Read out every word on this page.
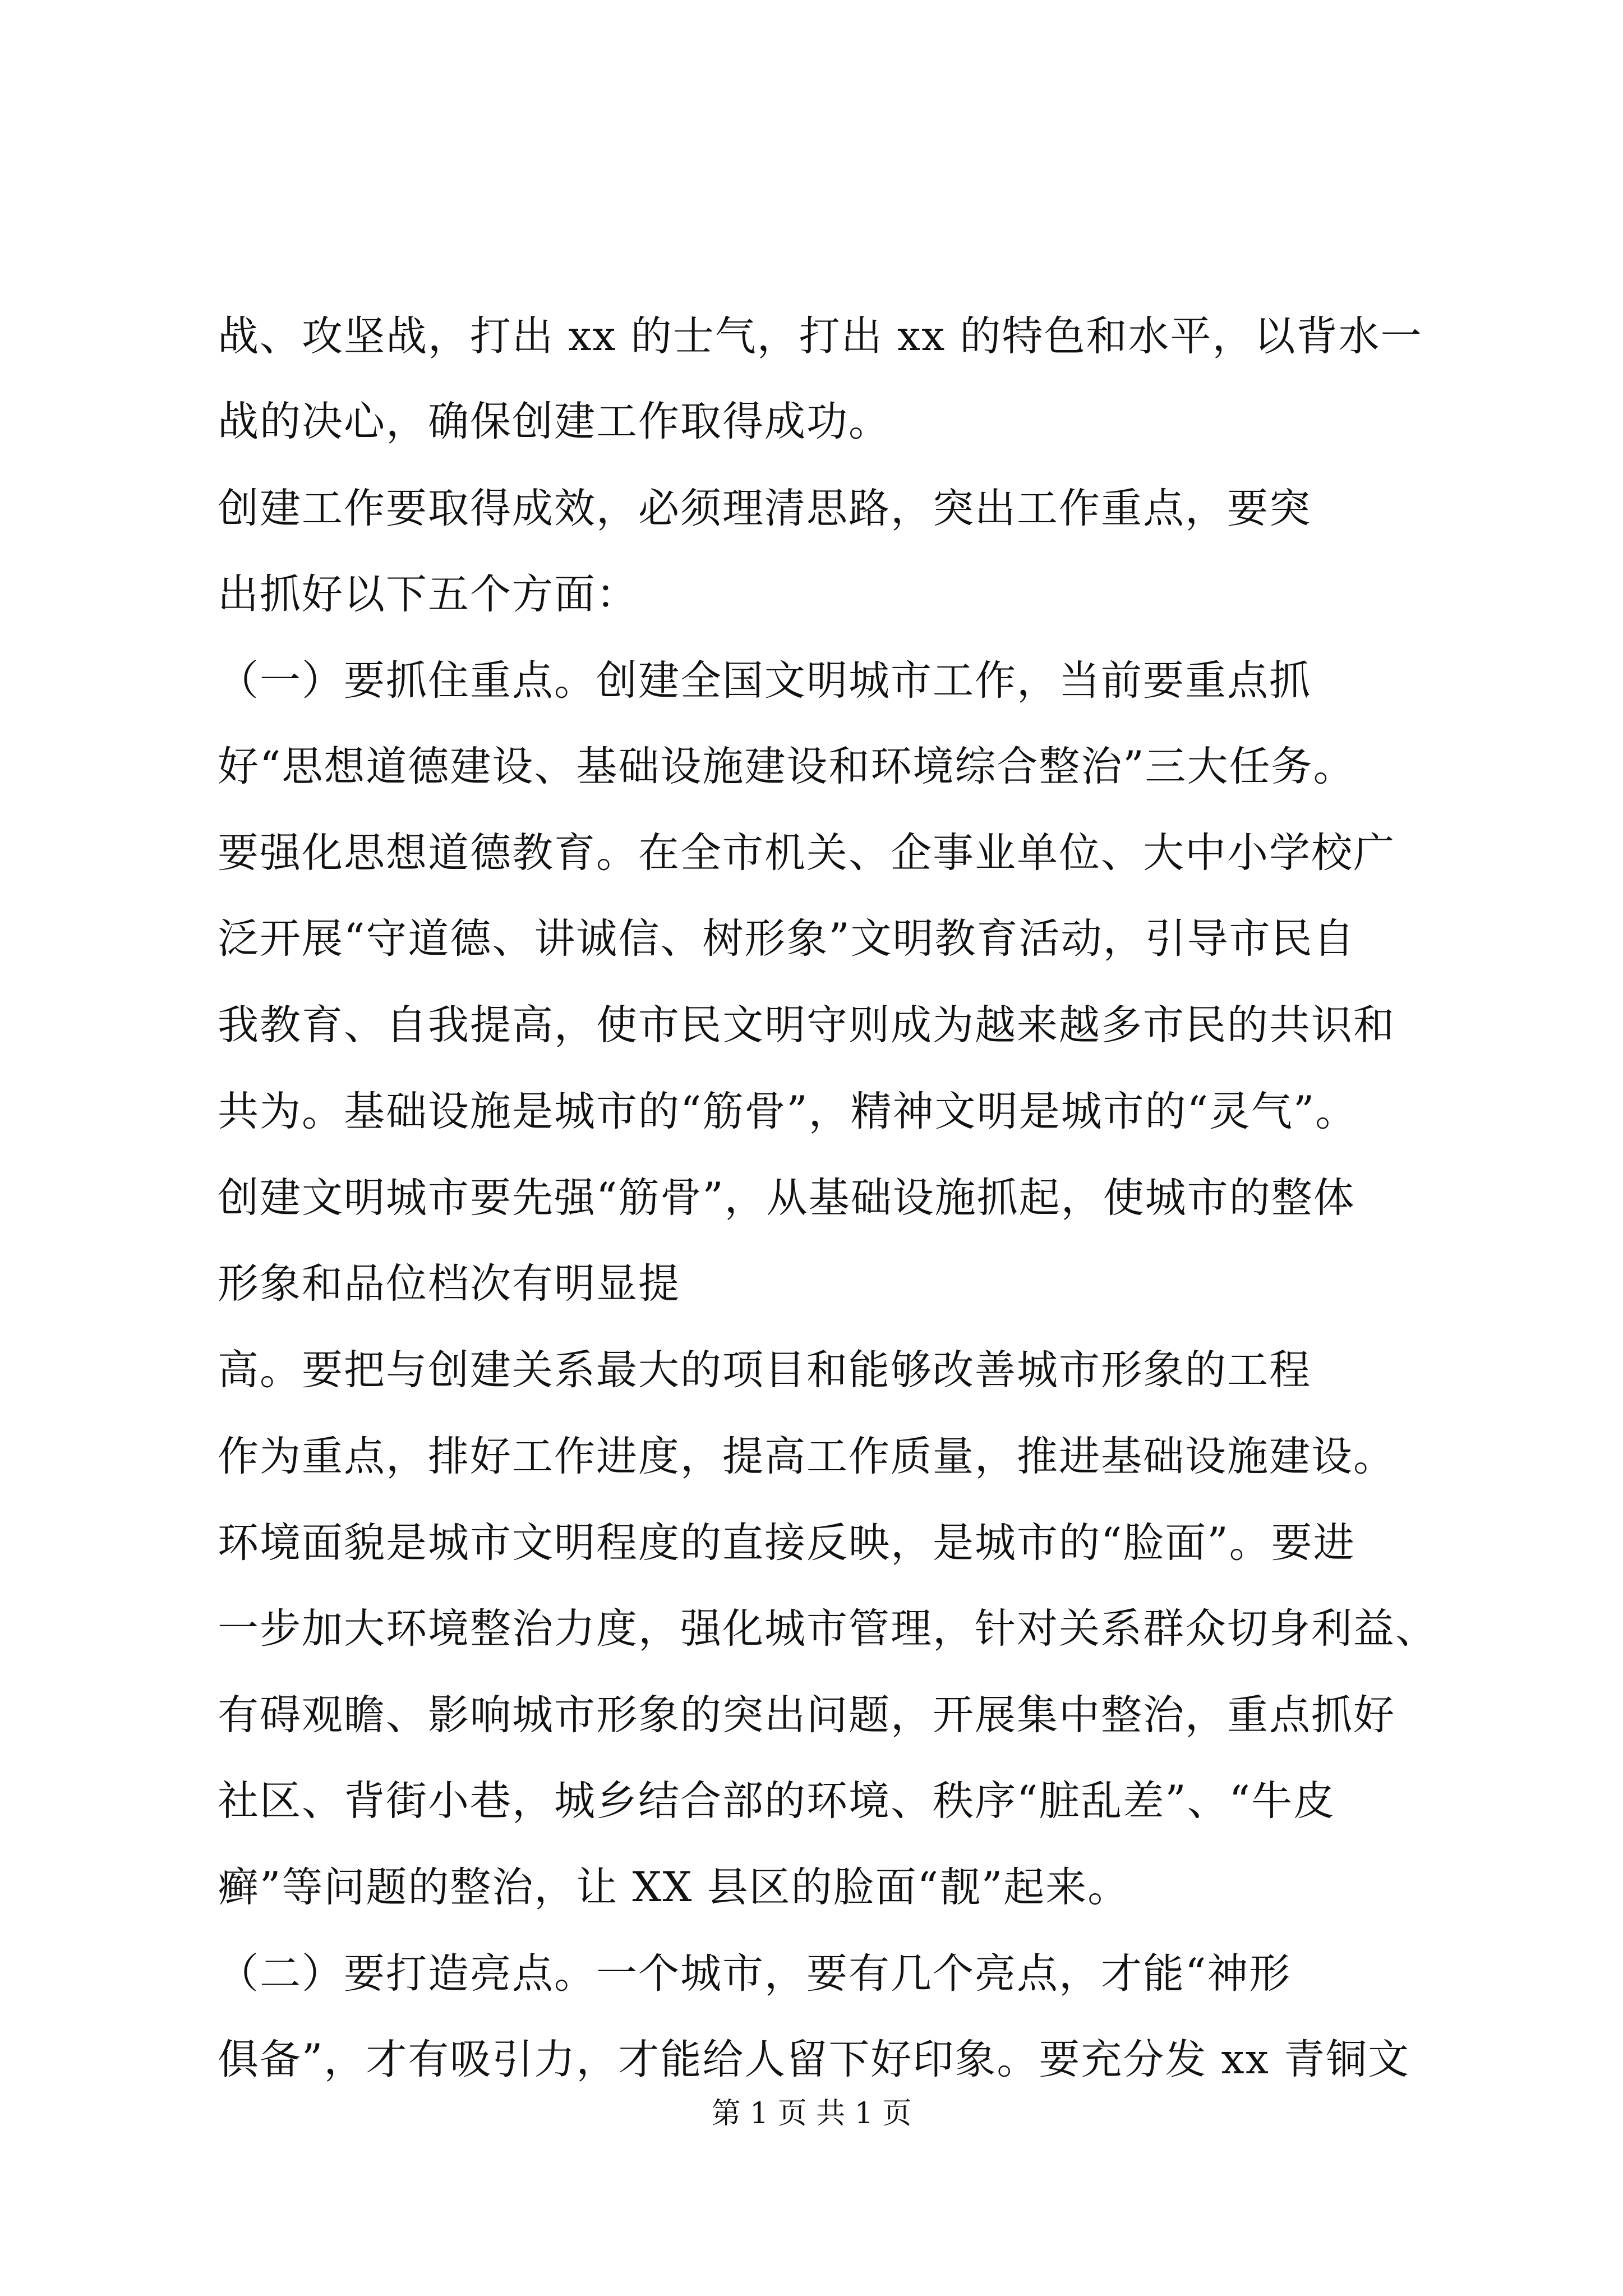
战、攻坚战，打出 xx 的士气，打出 xx 的特色和水平，以背水一
战的决心，确保创建工作取得成功。
创建工作要取得成效，必须理清思路，突出工作重点，要突
出抓好以下五个方面：
（一）要抓住重点。创建全国文明城市工作，当前要重点抓
好“思想道德建设、基础设施建设和环境综合整治”三大任务。
要强化思想道德教育。在全市机关、企事业单位、大中小学校广
泛开展“守道德、讲诚信、树形象”文明教育活动，引导市民自
我教育、自我提高，使市民文明守则成为越来越多市民的共识和
共为。基础设施是城市的“筋骨”，精神文明是城市的“灵气”。
创建文明城市要先强“筋骨”，从基础设施抓起，使城市的整体
形象和品位档次有明显提
高。要把与创建关系最大的项目和能够改善城市形象的工程
作为重点，排好工作进度，提高工作质量，推进基础设施建设。
环境面貌是城市文明程度的直接反映，是城市的“脸面”。要进
一步加大环境整治力度，强化城市管理，针对关系群众切身利益、
有碍观瞻、影响城市形象的突出问题，开展集中整治，重点抓好
社区、背街小巷，城乡结合部的环境、秩序“脏乱差”、“牛皮
癣”等问题的整治，让 XX 县区的脸面“靓”起来。
（二）要打造亮点。一个城市，要有几个亮点，才能“神形
俱备”，才有吸引力，才能给人留下好印象。要充分发 xx 青铜文
第 1 页 共 1 页
